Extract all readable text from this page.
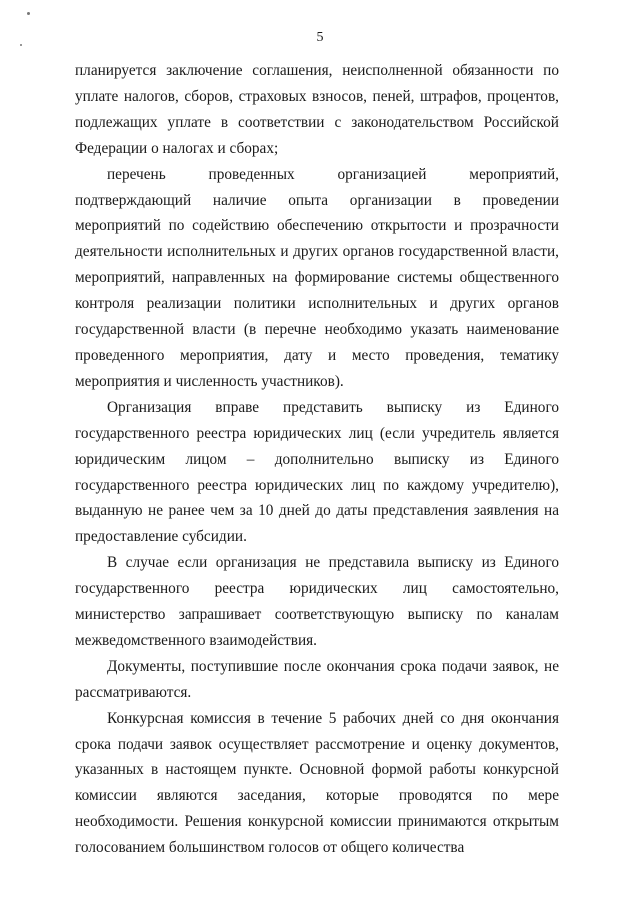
5

планируется заключение соглашения, неисполненной обязанности по уплате налогов, сборов, страховых взносов, пеней, штрафов, процентов, подлежащих уплате в соответствии с законодательством Российской Федерации о налогах и сборах;

перечень проведенных организацией мероприятий, подтверждающий наличие опыта организации в проведении мероприятий по содействию обеспечению открытости и прозрачности деятельности исполнительных и других органов государственной власти, мероприятий, направленных на формирование системы общественного контроля реализации политики исполнительных и других органов государственной власти (в перечне необходимо указать наименование проведенного мероприятия, дату и место проведения, тематику мероприятия и численность участников).

Организация вправе представить выписку из Единого государственного реестра юридических лиц (если учредитель является юридическим лицом – дополнительно выписку из Единого государственного реестра юридических лиц по каждому учредителю), выданную не ранее чем за 10 дней до даты представления заявления на предоставление субсидии.

В случае если организация не представила выписку из Единого государственного реестра юридических лиц самостоятельно, министерство запрашивает соответствующую выписку по каналам межведомственного взаимодействия.

Документы, поступившие после окончания срока подачи заявок, не рассматриваются.

Конкурсная комиссия в течение 5 рабочих дней со дня окончания срока подачи заявок осуществляет рассмотрение и оценку документов, указанных в настоящем пункте. Основной формой работы конкурсной комиссии являются заседания, которые проводятся по мере необходимости. Решения конкурсной комиссии принимаются открытым голосованием большинством голосов от общего количества
